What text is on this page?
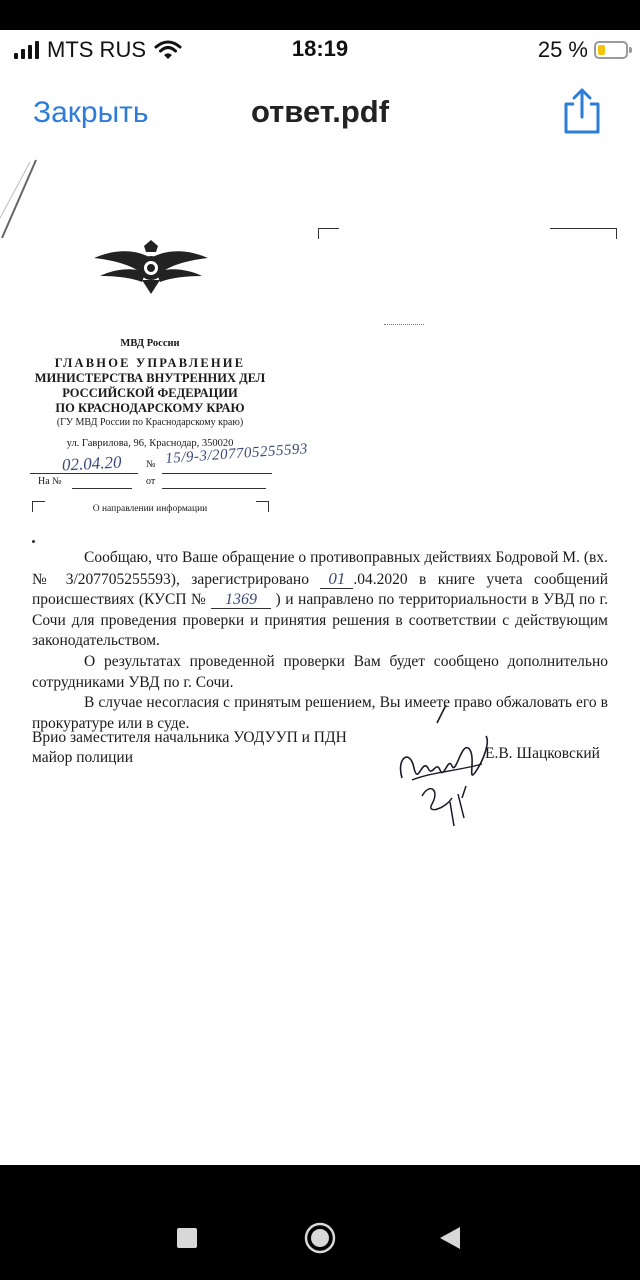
MTS RUS	18:19	25 %
Закрыть	ответ.pdf
МВД России
ГЛАВНОЕ УПРАВЛЕНИЕ
МИНИСТЕРСТВА ВНУТРЕННИХ ДЕЛ
РОССИЙСКОЙ ФЕДЕРАЦИИ
ПО КРАСНОДАРСКОМУ КРАЮ
(ГУ МВД России по Краснодарскому краю)
ул. Гаврилова, 96, Краснодар, 350020
02.04.20 № 15/9-3/207705255593
На №	от
О направлении информации

Сообщаю, что Ваше обращение о противоправных действиях Бодровой М. (вх. № 3/207705255593), зарегистрировано 01 .04.2020 в книге учета сообщений происшествиях (КУСП № 1369 ) и направлено по территориальности в УВД по г. Сочи для проведения проверки и принятия решения в соответствии с действующим законодательством.

О результатах проведенной проверки Вам будет сообщено дополнительно сотрудниками УВД по г. Сочи.

В случае несогласия с принятым решением, Вы имеете право обжаловать его в прокуратуре или в суде.

Врио заместителя начальника УОДУУП и ПДН
майор полиции	Е.В. Шацковский
